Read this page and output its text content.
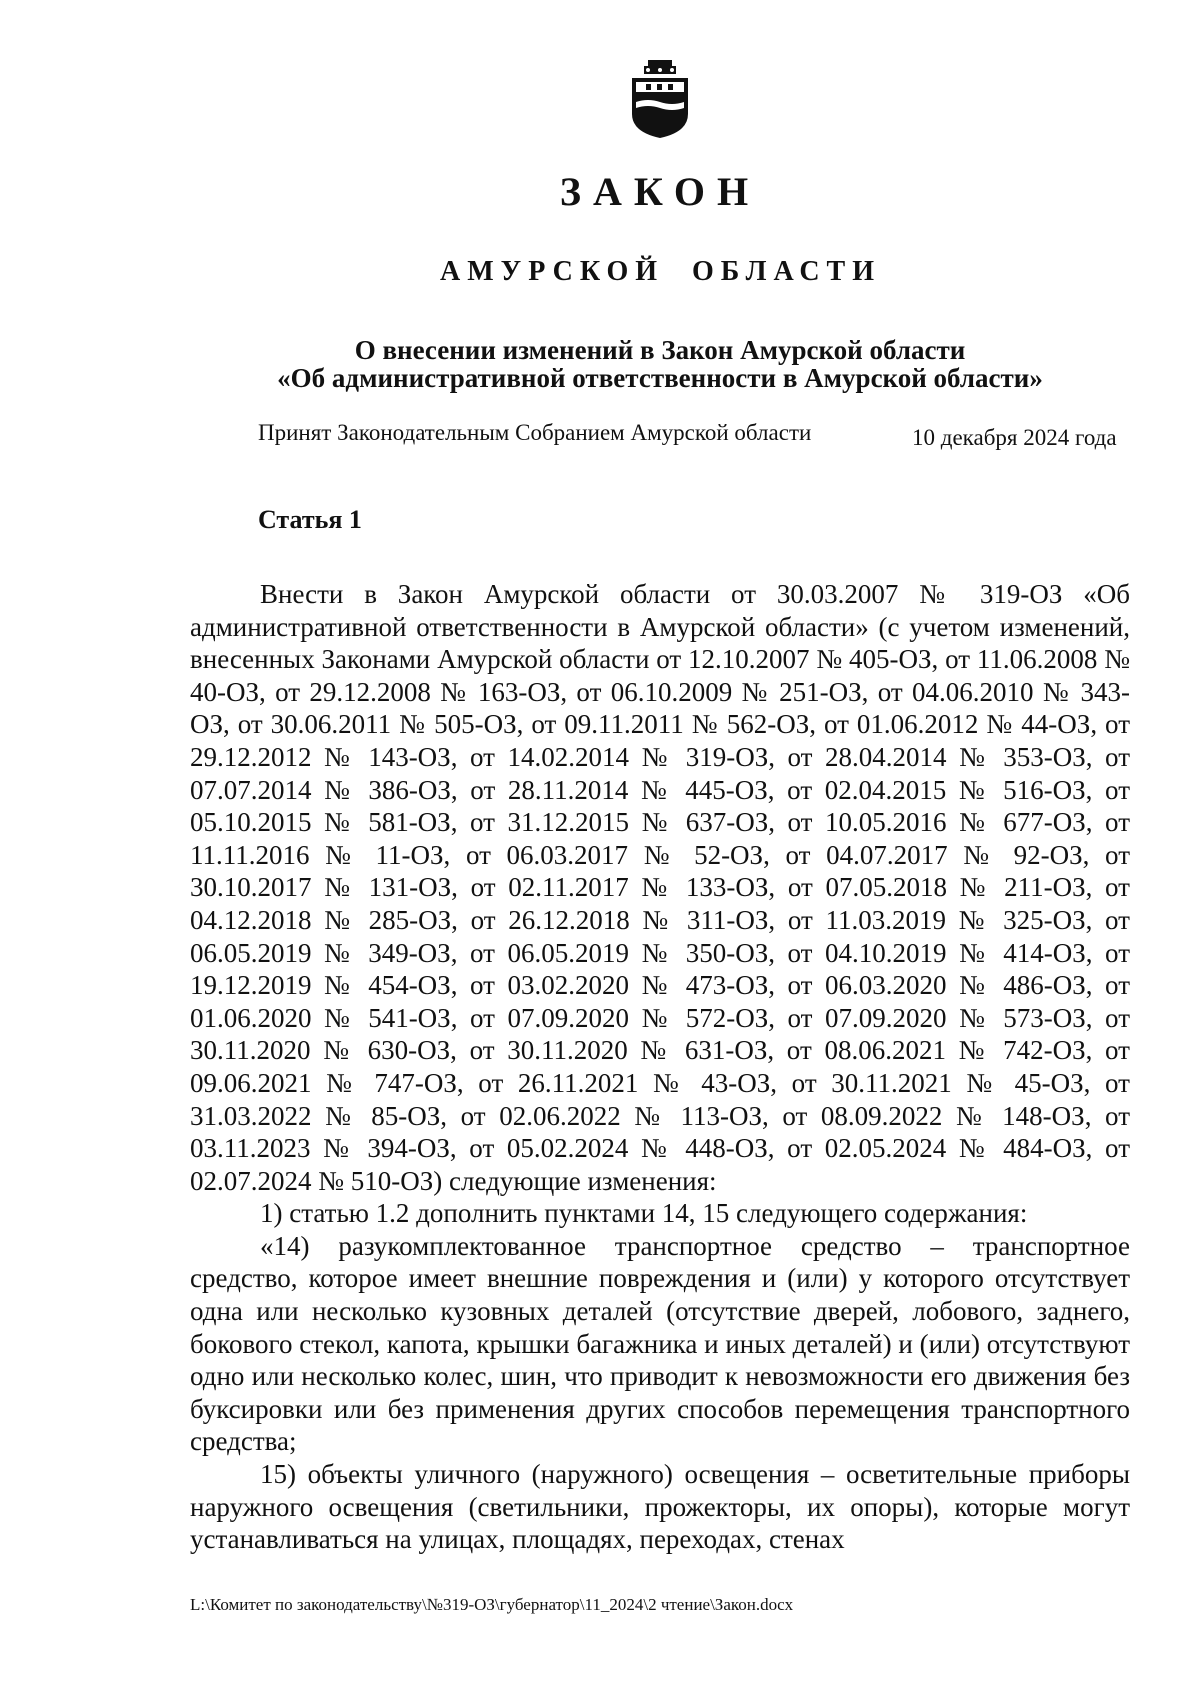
ЗАКОН
АМУРСКОЙ ОБЛАСТИ
О внесении изменений в Закон Амурской области
«Об административной ответственности в Амурской области»
Принят Законодательным Собранием Амурской области	10 декабря 2024 года
Статья 1

Внести в Закон Амурской области от 30.03.2007 № 319-ОЗ «Об административной ответственности в Амурской области» (с учетом изменений, внесенных Законами Амурской области от 12.10.2007 № 405-ОЗ, от 11.06.2008 № 40-ОЗ, от 29.12.2008 № 163-ОЗ, от 06.10.2009 № 251-ОЗ, от 04.06.2010 № 343-ОЗ, от 30.06.2011 № 505-ОЗ, от 09.11.2011 № 562-ОЗ, от 01.06.2012 № 44-ОЗ, от 29.12.2012 № 143-ОЗ, от 14.02.2014 № 319-ОЗ, от 28.04.2014 № 353-ОЗ, от 07.07.2014 № 386-ОЗ, от 28.11.2014 № 445-ОЗ, от 02.04.2015 № 516-ОЗ, от 05.10.2015 № 581-ОЗ, от 31.12.2015 № 637-ОЗ, от 10.05.2016 № 677-ОЗ, от 11.11.2016 № 11-ОЗ, от 06.03.2017 № 52-ОЗ, от 04.07.2017 № 92-ОЗ, от 30.10.2017 № 131-ОЗ, от 02.11.2017 № 133-ОЗ, от 07.05.2018 № 211-ОЗ, от 04.12.2018 № 285-ОЗ, от 26.12.2018 № 311-ОЗ, от 11.03.2019 № 325-ОЗ, от 06.05.2019 № 349-ОЗ, от 06.05.2019 № 350-ОЗ, от 04.10.2019 № 414-ОЗ, от 19.12.2019 № 454-ОЗ, от 03.02.2020 № 473-ОЗ, от 06.03.2020 № 486-ОЗ, от 01.06.2020 № 541-ОЗ, от 07.09.2020 № 572-ОЗ, от 07.09.2020 № 573-ОЗ, от 30.11.2020 № 630-ОЗ, от 30.11.2020 № 631-ОЗ, от 08.06.2021 № 742-ОЗ, от 09.06.2021 № 747-ОЗ, от 26.11.2021 № 43-ОЗ, от 30.11.2021 № 45-ОЗ, от 31.03.2022 № 85-ОЗ, от 02.06.2022 № 113-ОЗ, от 08.09.2022 № 148-ОЗ, от 03.11.2023 № 394-ОЗ, от 05.02.2024 № 448-ОЗ, от 02.05.2024 № 484-ОЗ, от 02.07.2024 № 510-ОЗ) следующие изменения:

1) статью 1.2 дополнить пунктами 14, 15 следующего содержания:

«14) разукомплектованное транспортное средство – транспортное средство, которое имеет внешние повреждения и (или) у которого отсутствует одна или несколько кузовных деталей (отсутствие дверей, лобового, заднего, бокового стекол, капота, крышки багажника и иных деталей) и (или) отсутствуют одно или несколько колес, шин, что приводит к невозможности его движения без буксировки или без применения других способов перемещения транспортного средства;

15) объекты уличного (наружного) освещения – осветительные приборы наружного освещения (светильники, прожекторы, их опоры), которые могут устанавливаться на улицах, площадях, переходах, стенах

L:\Комитет по законодательству\№319-ОЗ\губернатор\11_2024\2 чтение\Закон.docx
